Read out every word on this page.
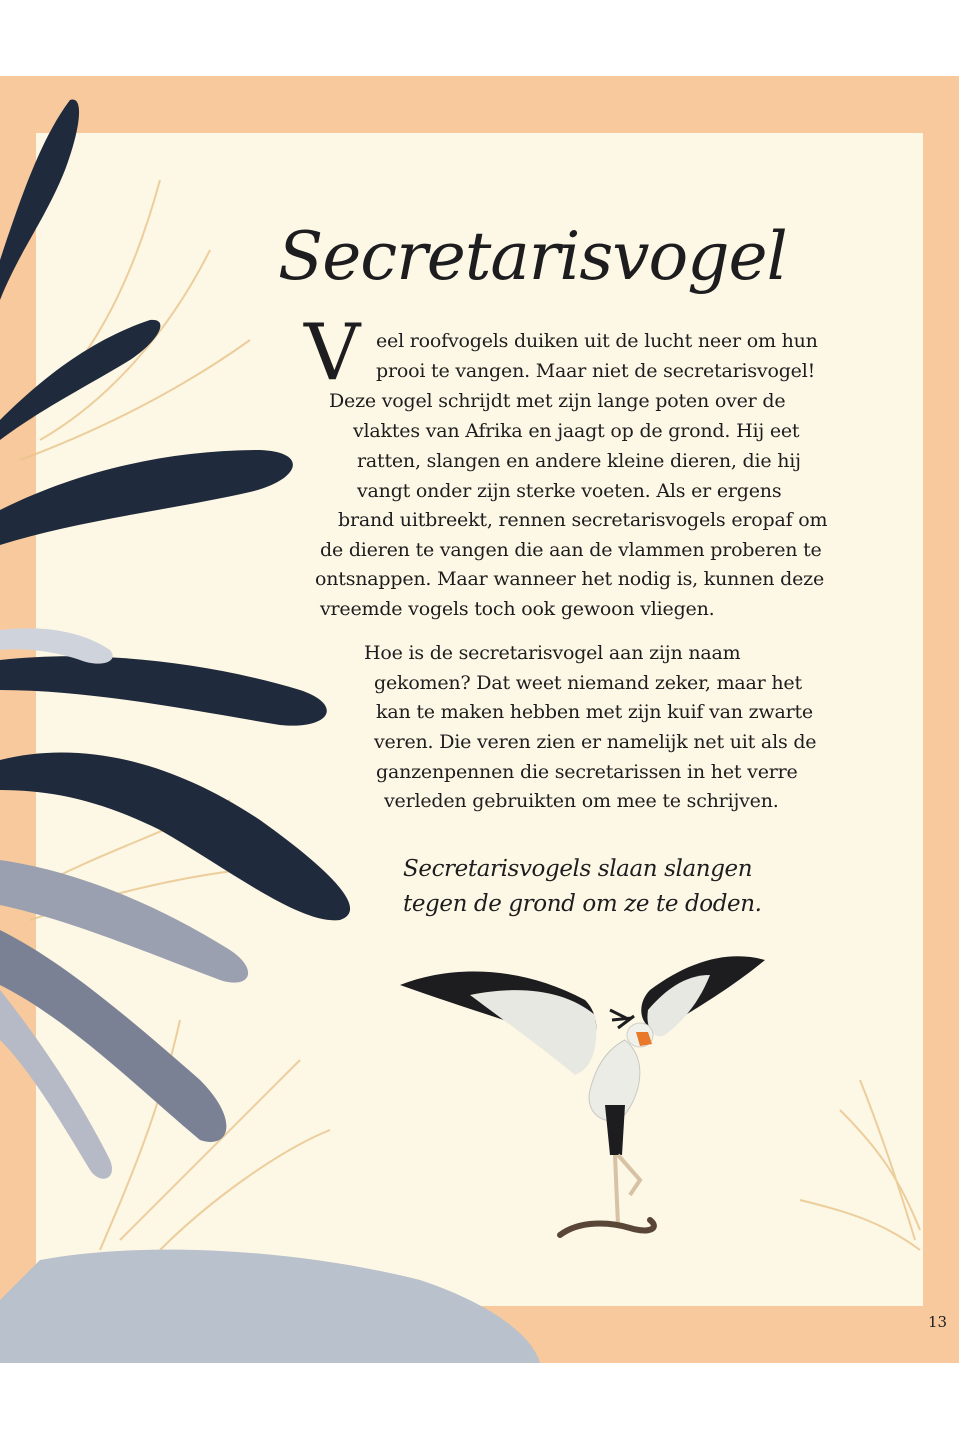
Secretarisvogel
V eel roofvogels duiken uit de lucht neer om hun
prooi te vangen. Maar niet de secretarisvogel!
Deze vogel schrijdt met zijn lange poten over de
vlaktes van Afrika en jaagt op de grond. Hij eet
ratten, slangen en andere kleine dieren, die hij
vangt onder zijn sterke voeten. Als er ergens
brand uitbreekt, rennen secretarisvogels eropaf om
de dieren te vangen die aan de vlammen proberen te
ontsnappen. Maar wanneer het nodig is, kunnen deze
vreemde vogels toch ook gewoon vliegen.
Hoe is de secretarisvogel aan zijn naam
gekomen? Dat weet niemand zeker, maar het
kan te maken hebben met zijn kuif van zwarte
veren. Die veren zien er namelijk net uit als de
ganzenpennen die secretarissen in het verre
verleden gebruikten om mee te schrijven.
Secretarisvogels slaan slangen
tegen de grond om ze te doden.
13
